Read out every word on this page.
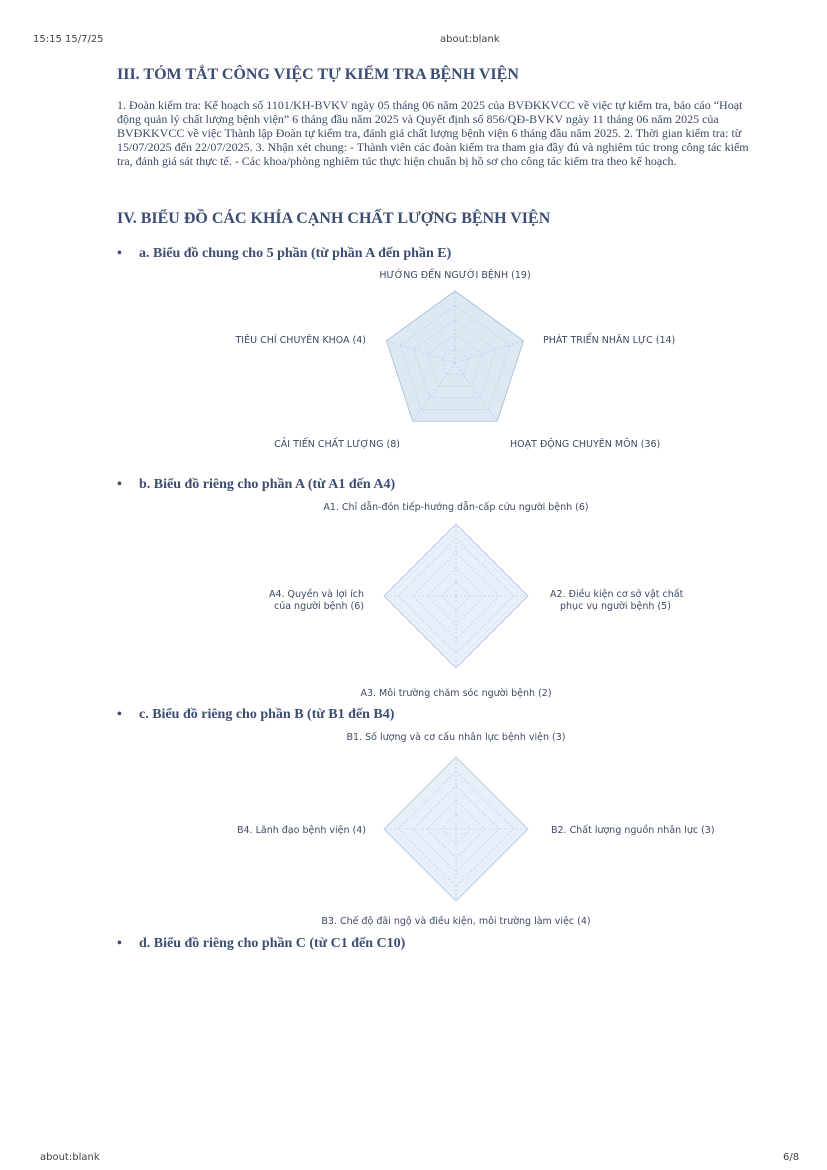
15:15 15/7/25	about:blank
about:blank	6/8
III. TÓM TẮT CÔNG VIỆC TỰ KIỂM TRA BỆNH VIỆN

1. Đoàn kiểm tra: Kế hoạch số 1101/KH-BVKV ngày 05 tháng 06 năm 2025 của BVĐKKVCC về việc tự kiểm tra, báo cáo “Hoạt động quản lý chất lượng bệnh viện” 6 tháng đầu năm 2025 và Quyết định số 856/QĐ-BVKV ngày 11 tháng 06 năm 2025 của BVĐKKVCC về việc Thành lập Đoàn tự kiểm tra, đánh giá chất lượng bệnh viện 6 tháng đầu năm 2025. 2. Thời gian kiểm tra: từ 15/07/2025 đến 22/07/2025. 3. Nhận xét chung: - Thành viên các đoàn kiểm tra tham gia đầy đủ và nghiêm túc trong công tác kiểm tra, đánh giá sát thực tế. - Các khoa/phòng nghiêm túc thực hiện chuẩn bị hồ sơ cho công tác kiểm tra theo kế hoạch.

IV. BIỂU ĐỒ CÁC KHÍA CẠNH CHẤT LƯỢNG BỆNH VIỆN
• a. Biểu đồ chung cho 5 phần (từ phần A đến phần E)
HƯỚNG ĐẾN NGƯỜI BỆNH (19)
PHÁT TRIỂN NHÂN LỰC (14)
HOẠT ĐỘNG CHUYÊN MÔN (36)
CẢI TIẾN CHẤT LƯỢNG (8)
TIÊU CHÍ CHUYÊN KHOA (4)
• b. Biểu đồ riêng cho phần A (từ A1 đến A4)
A1. Chỉ dẫn-đón tiếp-hướng dẫn-cấp cứu người bệnh (6)
A2. Điều kiện cơ sở vật chất
phục vụ người bệnh (5)
A3. Môi trường chăm sóc người bệnh (2)
A4. Quyền và lợi ích
của người bệnh (6)
• c. Biểu đồ riêng cho phần B (từ B1 đến B4)
B1. Số lượng và cơ cấu nhân lực bệnh viện (3)
B2. Chất lượng nguồn nhân lực (3)
B3. Chế độ đãi ngộ và điều kiện, môi trường làm việc (4)
B4. Lãnh đạo bệnh viện (4)
• d. Biểu đồ riêng cho phần C (từ C1 đến C10)
